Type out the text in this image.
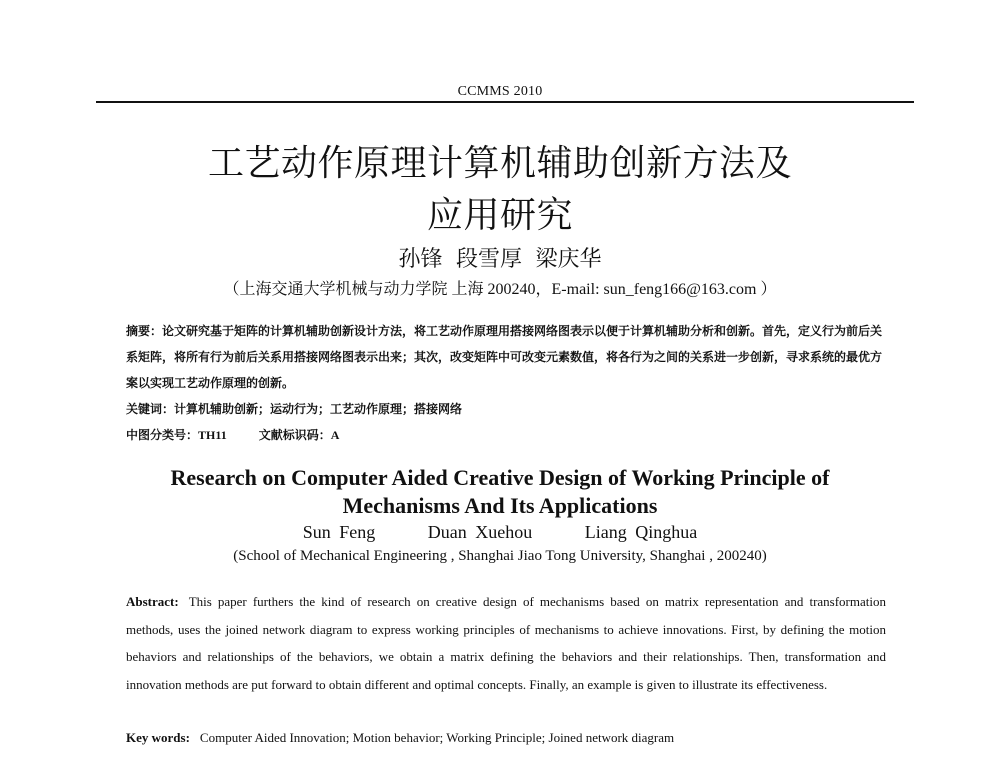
CCMMS 2010
工艺动作原理计算机辅助创新方法及
应用研究
孙锋 段雪厚 梁庆华
（上海交通大学机械与动力学院 上海 200240，E-mail: sun_feng166@163.com ）
摘要：论文研究基于矩阵的计算机辅助创新设计方法，将工艺动作原理用搭接网络图表示以便于计算机辅助分析和创新。首先，定义行为前后关系矩阵，将所有行为前后关系用搭接网络图表示出来；其次，改变矩阵中可改变元素数值，将各行为之间的关系进一步创新，寻求系统的最优方案以实现工艺动作原理的创新。
关键词：计算机辅助创新；运动行为；工艺动作原理；搭接网络
中图分类号：TH11	文献标识码：A
Research on Computer Aided Creative Design of Working Principle of
Mechanisms And Its Applications
Sun Feng	Duan Xuehou	Liang Qinghua
(School of Mechanical Engineering , Shanghai Jiao Tong University, Shanghai , 200240)
Abstract: This paper furthers the kind of research on creative design of mechanisms based on matrix representation and transformation methods, uses the joined network diagram to express working principles of mechanisms to achieve innovations. First, by defining the motion behaviors and relationships of the behaviors, we obtain a matrix defining the behaviors and their relationships. Then, transformation and innovation methods are put forward to obtain different and optimal concepts. Finally, an example is given to illustrate its effectiveness.
Key words: Computer Aided Innovation; Motion behavior; Working Principle; Joined network diagram
